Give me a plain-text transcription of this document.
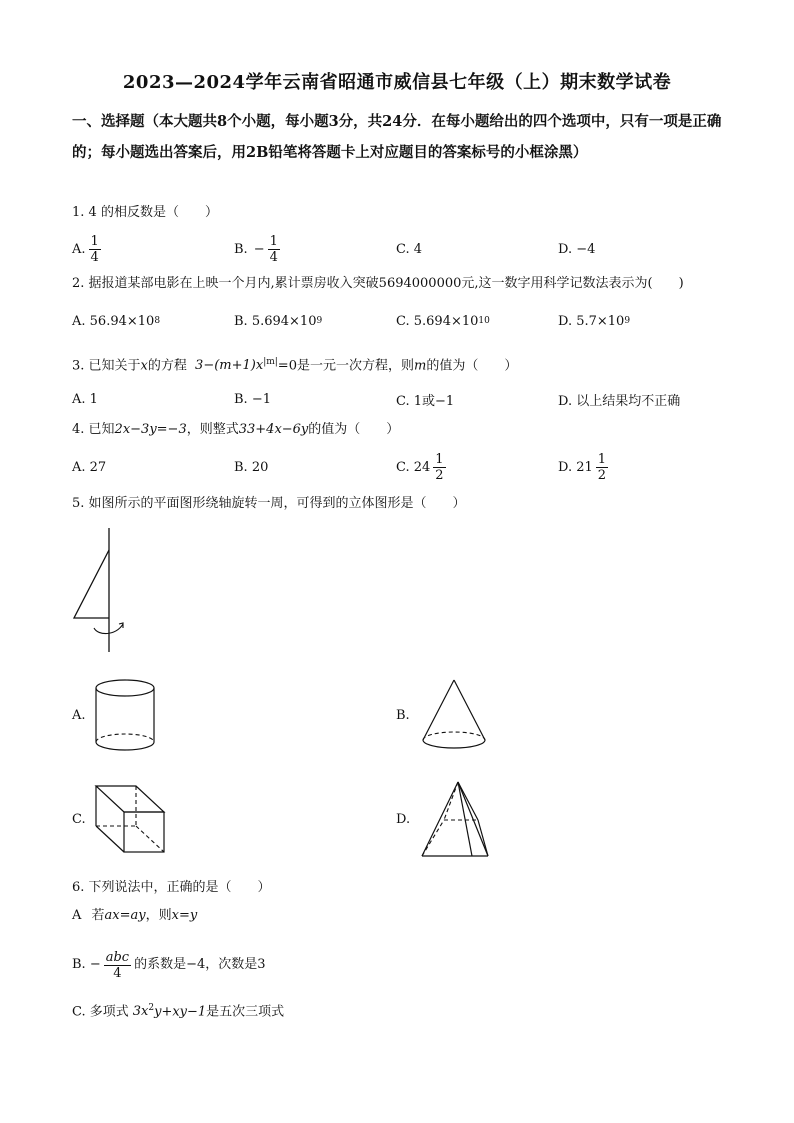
2023—2024学年云南省昭通市威信县七年级（上）期末数学试卷
一、选择题（本大题共8个小题，每小题3分，共24分．在每小题给出的四个选项中，只有一项是正确的；每小题选出答案后，用2B铅笔将答题卡上对应题目的答案标号的小框涂黑）
1. 4 的相反数是（　　）
A. $\frac{1}{4}$	B. − $\frac{1}{4}$	C. 4	D. −4
2. 据报道某部电影在上映一个月内,累计票房收入突破5694000000元,这一数字用科学记数法表示为(　　)
A. 56.94×10 8	B. 5.694×10 9	C. 5.694×10 10	D. 5.7×10 9
3. 已知关于x的方程 $3-(m+1)x^{|m|}=0$是一元一次方程，则m的值为（　　）
A. 1	B. −1	C. 1或−1	D. 以上结果均不正确
4. 已知2x−3y=−3，则整式33+4x−6y的值为（　　）
A. 27	B. 20	C. $24 \frac{1}{2}$	D. $21 \frac{1}{2}$
5. 如图所示的平面图形绕轴旋转一周，可得到的立体图形是（　　）
A.	B.
C.	D.
6. 下列说法中，正确的是（　　）
A 若ax=ay，则x=y
B. − $\frac{\text{abc}}{4}$ 的系数是−4，次数是3
C. 多项式 $3x^2y+xy-1$是五次三项式
